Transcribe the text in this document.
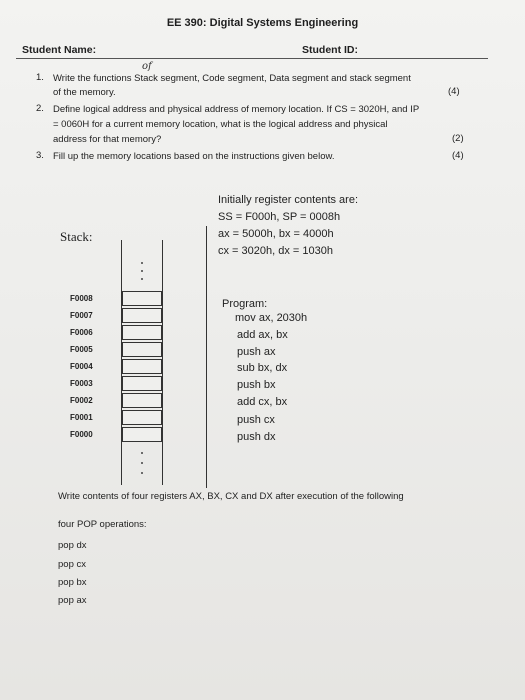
EE 390: Digital Systems Engineering
Student Name:	Student ID:
1. Write the functions Stack segment, Code segment, Data segment and stack segment
of the memory.	(4)
of
2. Define logical address and physical address of memory location. If CS = 3020H, and IP
= 0060H for a current memory location, what is the logical address and physical
address for that memory?	(2)
3. Fill up the memory locations based on the instructions given below.	(4)
Initially register contents are:
SS = F000h, SP = 0008h
ax = 5000h, bx = 4000h
cx = 3020h, dx = 1030h
Stack:
F0008
F0007
F0006
F0005
F0004
F0003
F0002
F0001
F0000
Program:
mov ax, 2030h
add ax, bx
push ax
sub bx, dx
push bx
add cx, bx
push cx
push dx
Write contents of four registers AX, BX, CX and DX after execution of the following
four POP operations:
pop dx
pop cx
pop bx
pop ax
